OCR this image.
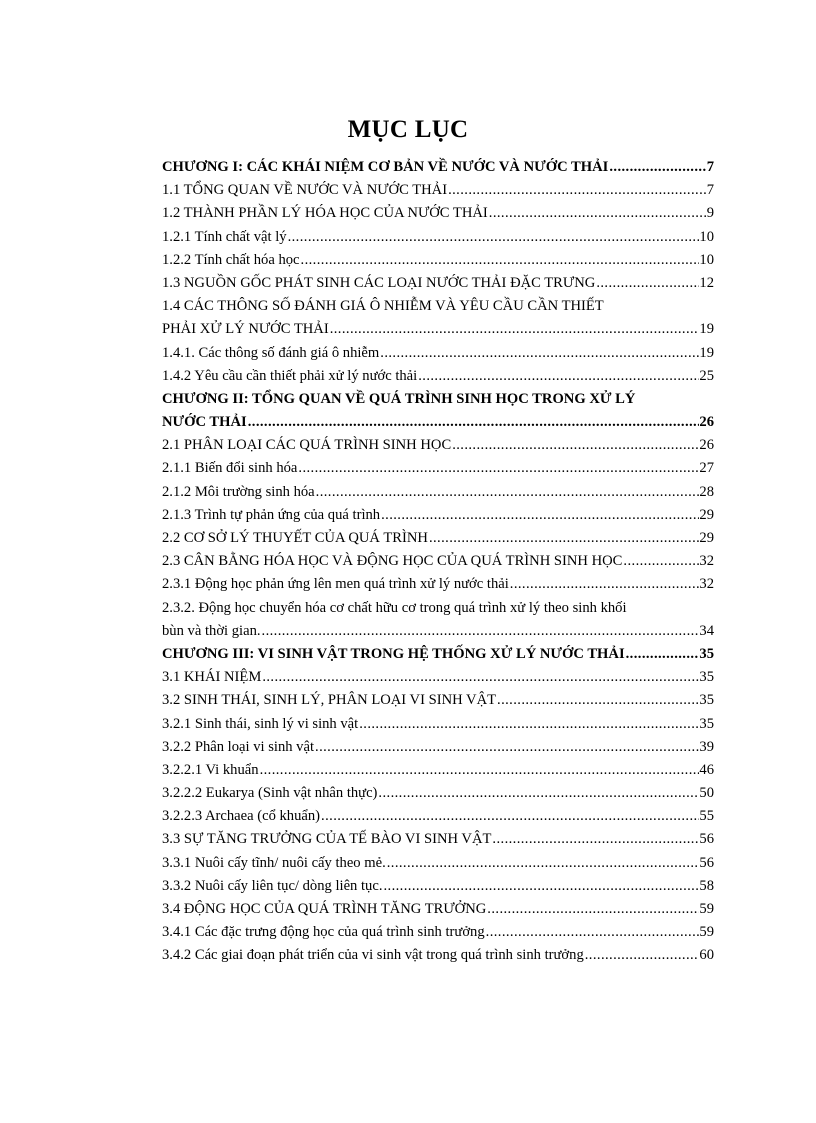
MỤC LỤC
CHƯƠNG I: CÁC KHÁI NIỆM CƠ BẢN VỀ NƯỚC VÀ NƯỚC THẢI .....	7
1.1 TỔNG QUAN VỀ NƯỚC VÀ NƯỚC THẢI .....	7
1.2 THÀNH PHẦN LÝ HÓA HỌC CỦA NƯỚC THẢI .....	9
1.2.1 Tính chất vật lý .....	10
1.2.2 Tính chất hóa học .....	10
1.3 NGUỒN GỐC PHÁT SINH CÁC LOẠI NƯỚC THẢI ĐẶC TRƯNG .....	12
1.4 CÁC THÔNG SỐ ĐÁNH GIÁ Ô NHIỄM VÀ YÊU CẦU CẦN THIẾT
PHẢI XỬ LÝ NƯỚC THẢI .....	19
1.4.1. Các thông số đánh giá ô nhiễm .....	19
1.4.2 Yêu cầu cần thiết phải xử lý nước thải .....	25
CHƯƠNG II: TỔNG QUAN VỀ QUÁ TRÌNH SINH HỌC TRONG XỬ LÝ
NƯỚC THẢI .....	26
2.1 PHÂN LOẠI CÁC QUÁ TRÌNH SINH HỌC .....	26
2.1.1 Biến đổi sinh hóa .....	27
2.1.2 Môi trường sinh hóa .....	28
2.1.3 Trình tự phản ứng của quá trình .....	29
2.2 CƠ SỞ LÝ THUYẾT CỦA QUÁ TRÌNH .....	29
2.3 CÂN BẰNG HÓA HỌC VÀ ĐỘNG HỌC CỦA QUÁ TRÌNH SINH HỌC .....	32
2.3.1 Động học phản ứng lên men quá trình xử lý nước thải .....	32
2.3.2. Động học chuyển hóa cơ chất hữu cơ trong quá trình xử lý theo sinh khối
bùn và thời gian. .....	34
CHƯƠNG III: VI SINH VẬT TRONG HỆ THỐNG XỬ LÝ NƯỚC THẢI .....	35
3.1 KHÁI NIỆM .....	35
3.2 SINH THÁI, SINH LÝ, PHÂN LOẠI VI SINH VẬT .....	35
3.2.1 Sinh thái, sinh lý vi sinh vật .....	35
3.2.2 Phân loại vi sinh vật .....	39
3.2.2.1 Vi khuẩn .....	46
3.2.2.2 Eukarya (Sinh vật nhân thực) .....	50
3.2.2.3 Archaea (cổ khuẩn) .....	55
3.3 SỰ TĂNG TRƯỞNG CỦA TẾ BÀO VI SINH VẬT .....	56
3.3.1 Nuôi cấy tĩnh/ nuôi cấy theo mẻ. .....	56
3.3.2 Nuôi cấy liên tục/ dòng liên tục. .....	58
3.4 ĐỘNG HỌC CỦA QUÁ TRÌNH TĂNG TRƯỞNG .....	59
3.4.1 Các đặc trưng động học của quá trình sinh trưởng .....	59
3.4.2 Các giai đoạn phát triển của vi sinh vật trong quá trình sinh trưởng .....	60
